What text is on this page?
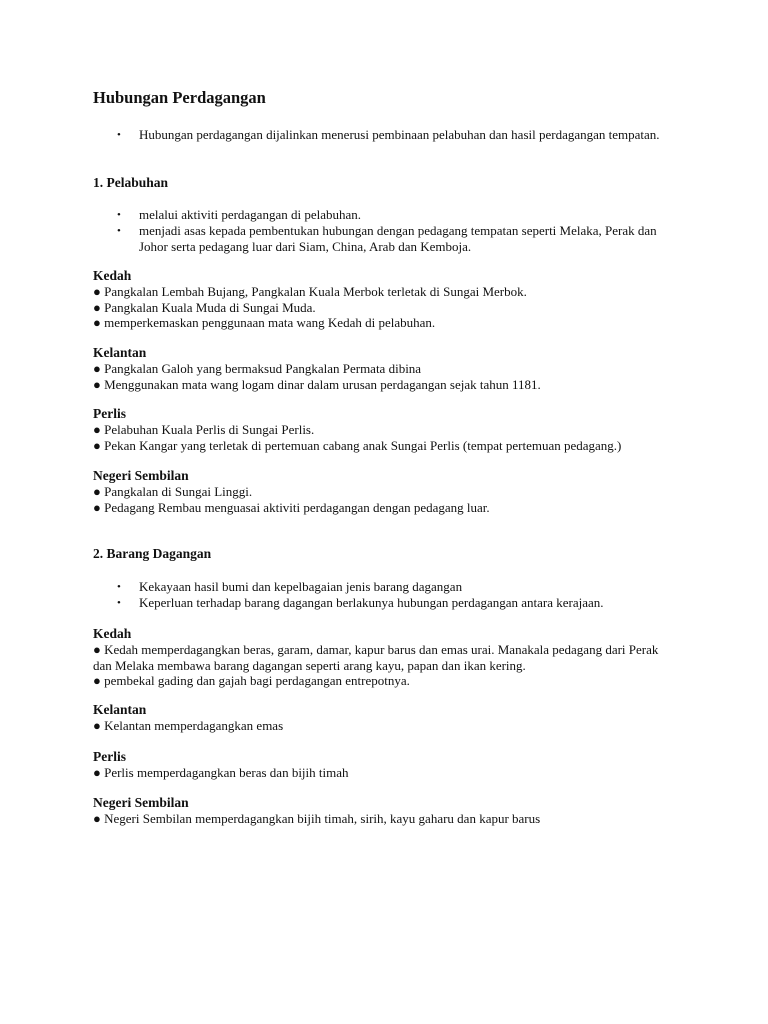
Hubungan Perdagangan
• Hubungan perdagangan dijalinkan menerusi pembinaan pelabuhan dan hasil perdagangan tempatan.
1. Pelabuhan
• melalui aktiviti perdagangan di pelabuhan.
• menjadi asas kepada pembentukan hubungan dengan pedagang tempatan seperti Melaka, Perak dan Johor serta pedagang luar dari Siam, China, Arab dan Kemboja.
Kedah
● Pangkalan Lembah Bujang, Pangkalan Kuala Merbok terletak di Sungai Merbok.
● Pangkalan Kuala Muda di Sungai Muda.
● memperkemaskan penggunaan mata wang Kedah di pelabuhan.
Kelantan
● Pangkalan Galoh yang bermaksud Pangkalan Permata dibina
● Menggunakan mata wang logam dinar dalam urusan perdagangan sejak tahun 1181.
Perlis
● Pelabuhan Kuala Perlis di Sungai Perlis.
● Pekan Kangar yang terletak di pertemuan cabang anak Sungai Perlis (tempat pertemuan pedagang.)
Negeri Sembilan
● Pangkalan di Sungai Linggi.
● Pedagang Rembau menguasai aktiviti perdagangan dengan pedagang luar.
2. Barang Dagangan
• Kekayaan hasil bumi dan kepelbagaian jenis barang dagangan
• Keperluan terhadap barang dagangan berlakunya hubungan perdagangan antara kerajaan.
Kedah
● Kedah memperdagangkan beras, garam, damar, kapur barus dan emas urai. Manakala pedagang dari Perak dan Melaka membawa barang dagangan seperti arang kayu, papan dan ikan kering.
● pembekal gading dan gajah bagi perdagangan entrepotnya.
Kelantan
● Kelantan memperdagangkan emas
Perlis
● Perlis memperdagangkan beras dan bijih timah
Negeri Sembilan
● Negeri Sembilan memperdagangkan bijih timah, sirih, kayu gaharu dan kapur barus
